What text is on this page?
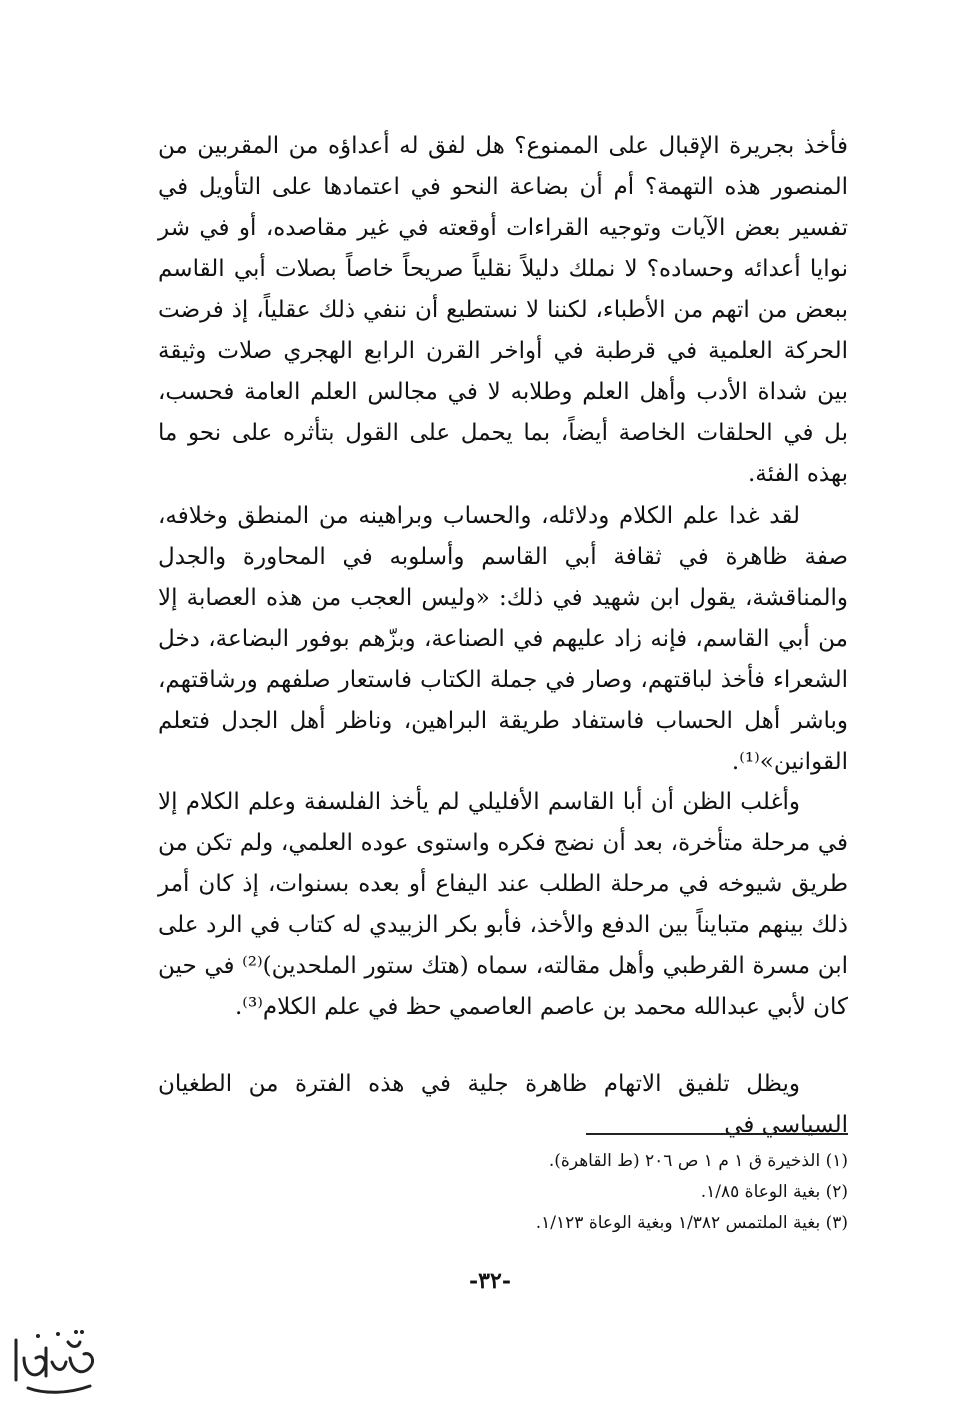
فأخذ بجريرة الإقبال على الممنوع؟ هل لفق له أعداؤه من المقربين من المنصور هذه التهمة؟ أم أن بضاعة النحو في اعتمادها على التأويل في تفسير بعض الآيات وتوجيه القراءات أوقعته في غير مقاصده، أو في شر نوايا أعدائه وحساده؟ لا نملك دليلاً نقلياً صريحاً خاصاً بصلات أبي القاسم ببعض من اتهم من الأطباء، لكننا لا نستطيع أن ننفي ذلك عقلياً، إذ فرضت الحركة العلمية في قرطبة في أواخر القرن الرابع الهجري صلات وثيقة بين شداة الأدب وأهل العلم وطلابه لا في مجالس العلم العامة فحسب، بل في الحلقات الخاصة أيضاً، بما يحمل على القول بتأثره على نحو ما بهذه الفئة.
لقد غدا علم الكلام ودلائله، والحساب وبراهينه من المنطق وخلافه، صفة ظاهرة في ثقافة أبي القاسم وأسلوبه في المحاورة والجدل والمناقشة، يقول ابن شهيد في ذلك: «وليس العجب من هذه العصابة إلا من أبي القاسم، فإنه زاد عليهم في الصناعة، وبزّهم بوفور البضاعة، دخل الشعراء فأخذ لباقتهم، وصار في جملة الكتاب فاستعار صلفهم ورشاقتهم، وباشر أهل الحساب فاستفاد طريقة البراهين، وناظر أهل الجدل فتعلم القوانين»⁽¹⁾.
وأغلب الظن أن أبا القاسم الأفليلي لم يأخذ الفلسفة وعلم الكلام إلا في مرحلة متأخرة، بعد أن نضج فكره واستوى عوده العلمي، ولم تكن من طريق شيوخه في مرحلة الطلب عند اليفاع أو بعده بسنوات، إذ كان أمر ذلك بينهم متبايناً بين الدفع والأخذ، فأبو بكر الزبيدي له كتاب في الرد على ابن مسرة القرطبي وأهل مقالته، سماه (هتك ستور الملحدين)⁽²⁾ في حين كان لأبي عبدالله محمد بن عاصم العاصمي حظ في علم الكلام⁽³⁾.
ويظل تلفيق الاتهام ظاهرة جلية في هذه الفترة من الطغيان السياسي في
(١) الذخيرة ق ١ م ١ ص ٢٠٦ (ط القاهرة).
(٢) بغية الوعاة ١/٨٥.
(٣) بغية الملتمس ١/٣٨٢ وبغية الوعاة ١/١٢٣.
-٣٢-
